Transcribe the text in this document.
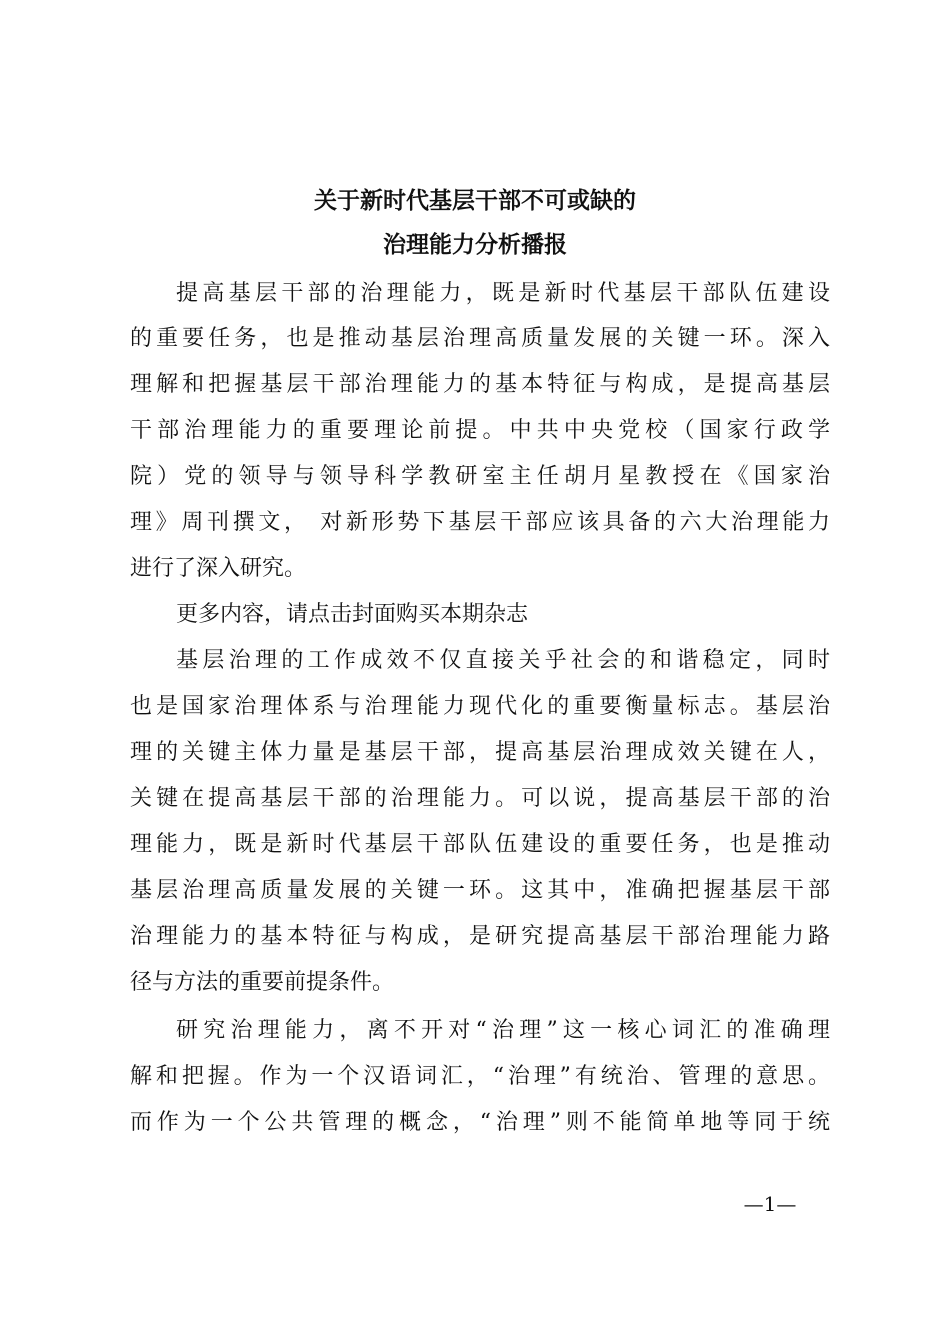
关于新时代基层干部不可或缺的
治理能力分析播报
提高基层干部的治理能力，既是新时代基层干部队伍建设
的重要任务，也是推动基层治理高质量发展的关键一环。深入
理解和把握基层干部治理能力的基本特征与构成，是提高基层
干部治理能力的重要理论前提。中共中央党校（国家行政学
院）党的领导与领导科学教研室主任胡月星教授在《国家治
理》周刊撰文， 对新形势下基层干部应该具备的六大治理能力
进行了深入研究。
更多内容，请点击封面购买本期杂志
基层治理的工作成效不仅直接关乎社会的和谐稳定，同时
也是国家治理体系与治理能力现代化的重要衡量标志。基层治
理的关键主体力量是基层干部，提高基层治理成效关键在人，
关键在提高基层干部的治理能力。可以说，提高基层干部的治
理能力，既是新时代基层干部队伍建设的重要任务，也是推动
基层治理高质量发展的关键一环。这其中，准确把握基层干部
治理能力的基本特征与构成，是研究提高基层干部治理能力路
径与方法的重要前提条件。
研究治理能力，离不开对“治理”这一核心词汇的准确理
解和把握。作为一个汉语词汇，“治理”有统治、管理的意思。
而作为一个公共管理的概念，“治理”则不能简单地等同于统
—1—
